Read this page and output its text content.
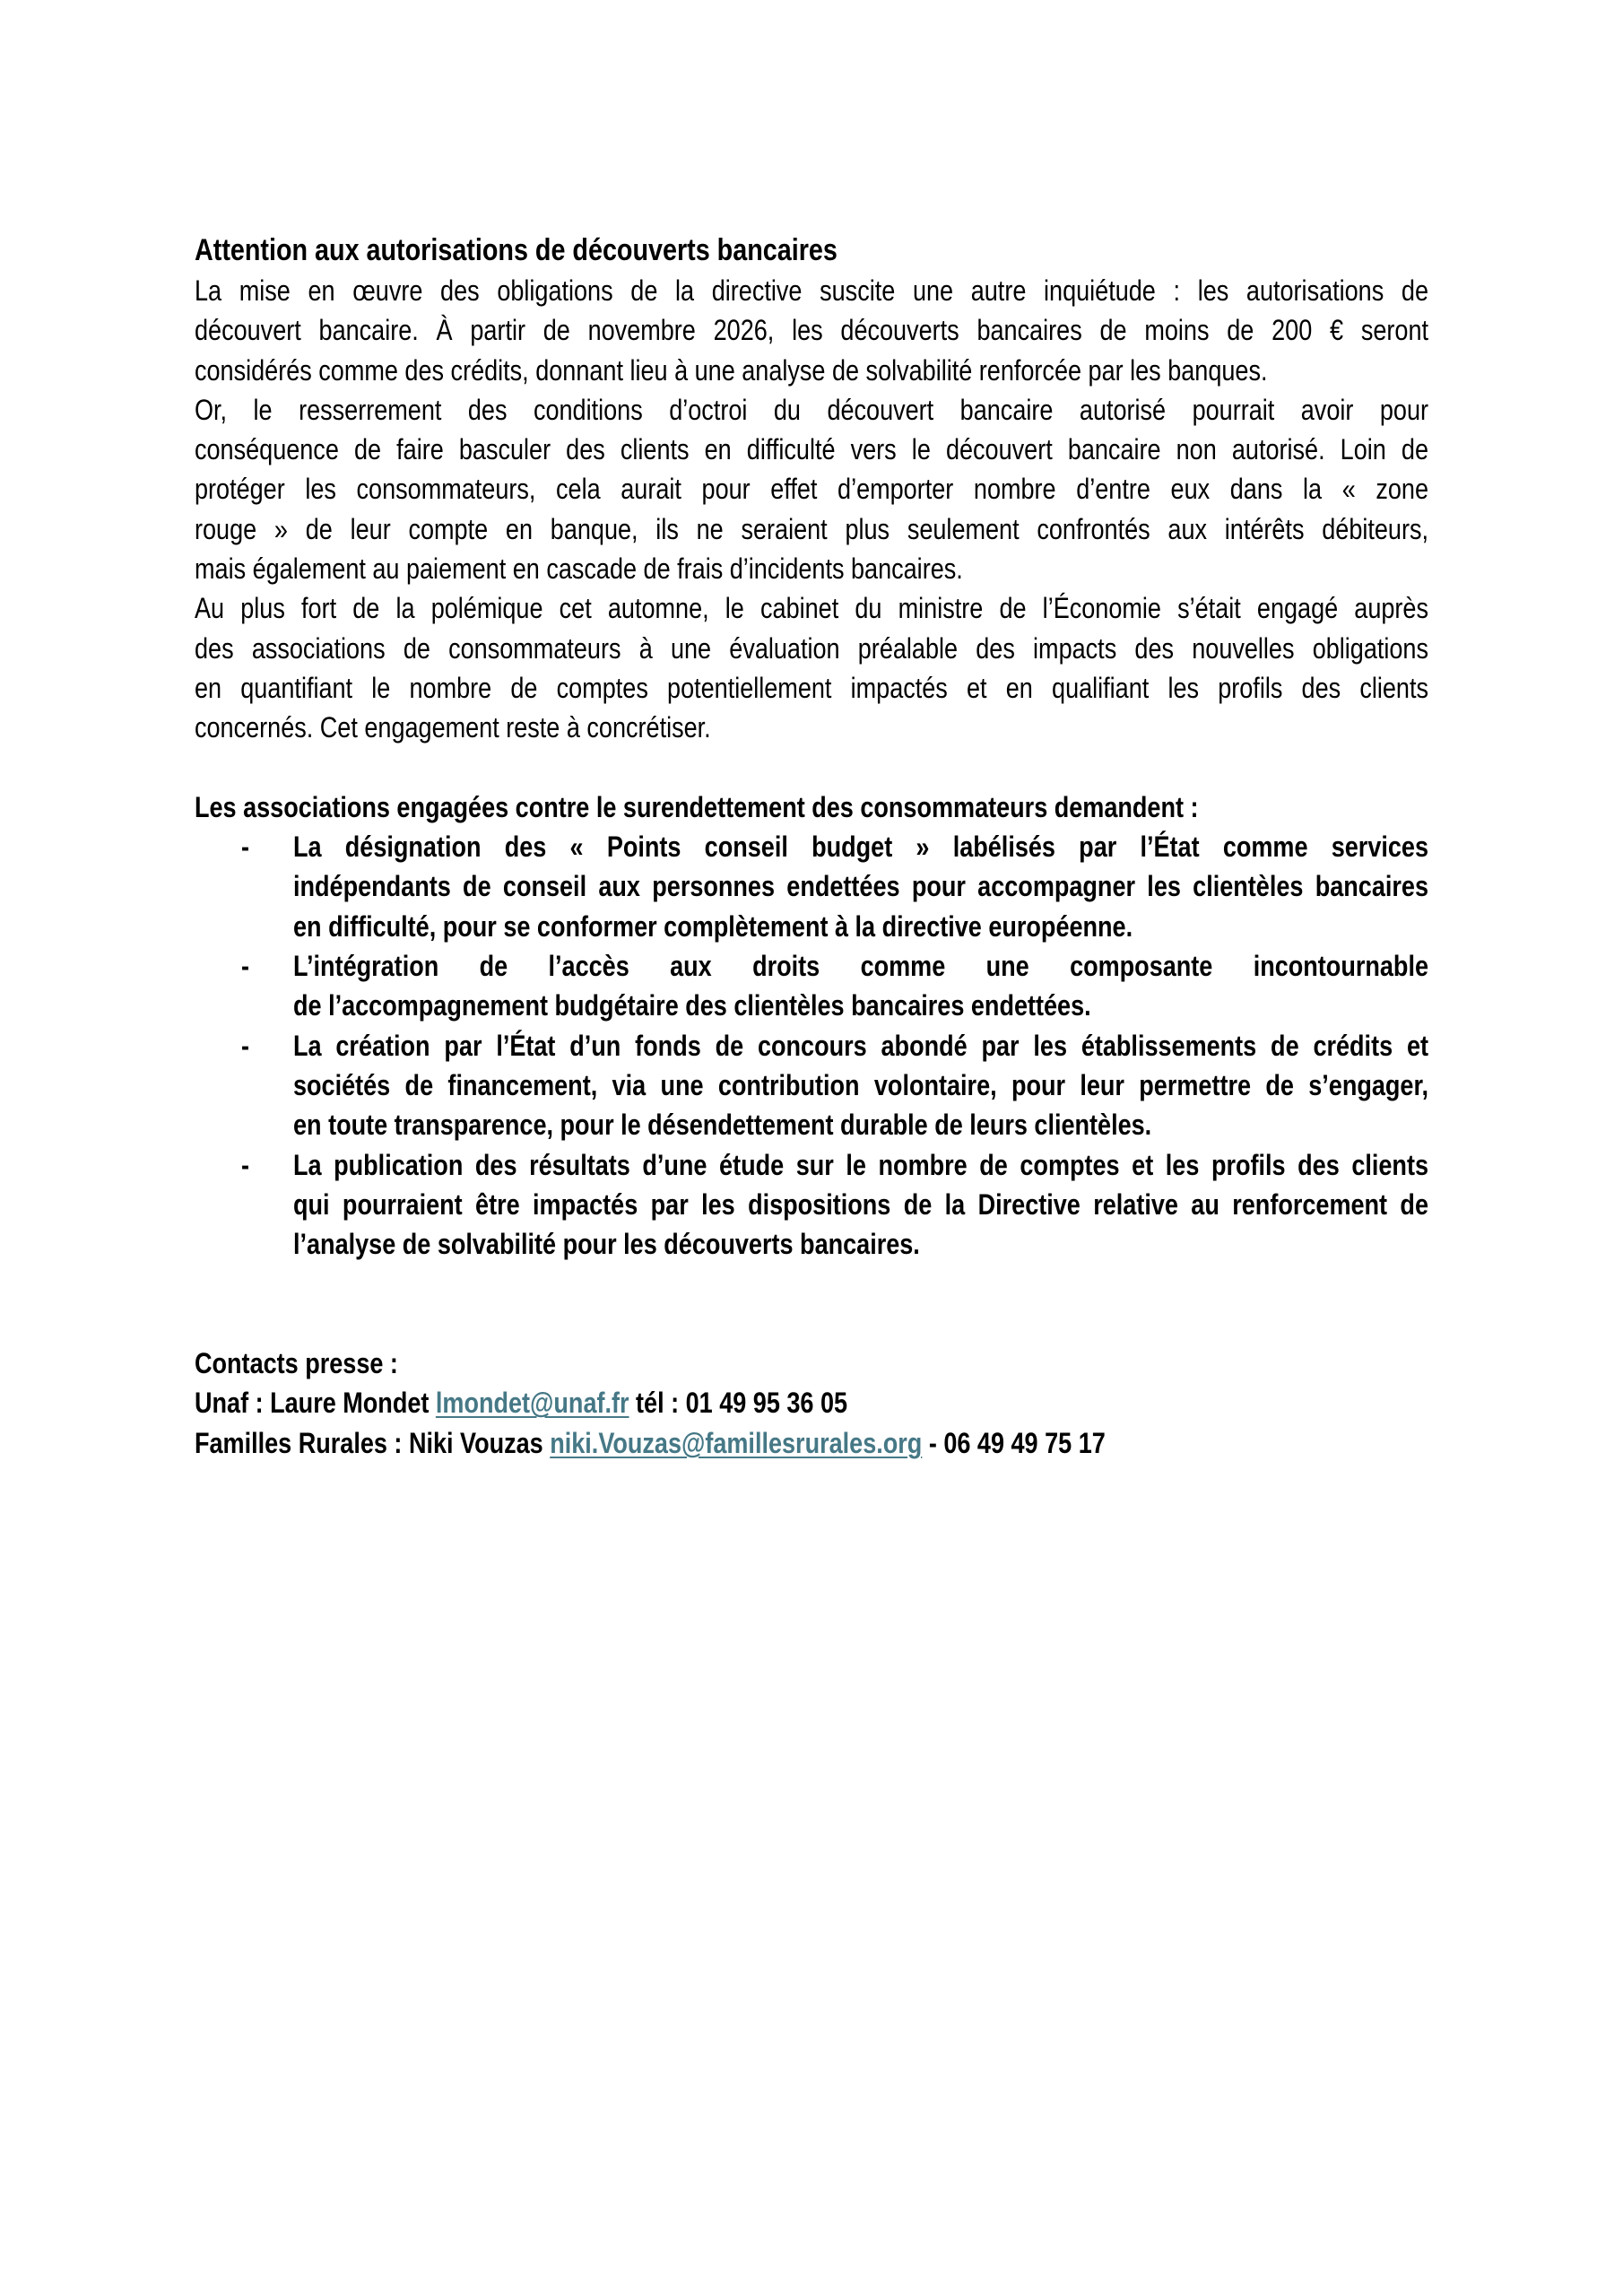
Attention aux autorisations de découverts bancaires
La mise en œuvre des obligations de la directive suscite une autre inquiétude : les autorisations de
découvert bancaire. À partir de novembre 2026, les découverts bancaires de moins de 200 € seront
considérés comme des crédits, donnant lieu à une analyse de solvabilité renforcée par les banques.
Or, le resserrement des conditions d’octroi du découvert bancaire autorisé pourrait avoir pour
conséquence de faire basculer des clients en difficulté vers le découvert bancaire non autorisé. Loin de
protéger les consommateurs, cela aurait pour effet d’emporter nombre d’entre eux dans la « zone
rouge » de leur compte en banque, ils ne seraient plus seulement confrontés aux intérêts débiteurs,
mais également au paiement en cascade de frais d’incidents bancaires.
Au plus fort de la polémique cet automne, le cabinet du ministre de l’Économie s’était engagé auprès
des associations de consommateurs à une évaluation préalable des impacts des nouvelles obligations
en quantifiant le nombre de comptes potentiellement impactés et en qualifiant les profils des clients
concernés. Cet engagement reste à concrétiser.
Les associations engagées contre le surendettement des consommateurs demandent :
- La désignation des « Points conseil budget » labélisés par l’État comme services
indépendants de conseil aux personnes endettées pour accompagner les clientèles bancaires
en difficulté, pour se conformer complètement à la directive européenne.
- L’intégration de l’accès aux droits comme une composante incontournable
de l’accompagnement budgétaire des clientèles bancaires endettées.
- La création par l’État d’un fonds de concours abondé par les établissements de crédits et
sociétés de financement, via une contribution volontaire, pour leur permettre de s’engager,
en toute transparence, pour le désendettement durable de leurs clientèles.
- La publication des résultats d’une étude sur le nombre de comptes et les profils des clients
qui pourraient être impactés par les dispositions de la Directive relative au renforcement de
l’analyse de solvabilité pour les découverts bancaires.
Contacts presse :
Unaf : Laure Mondet lmondet@unaf.fr tél : 01 49 95 36 05
Familles Rurales : Niki Vouzas niki.Vouzas@famillesrurales.org - 06 49 49 75 17
